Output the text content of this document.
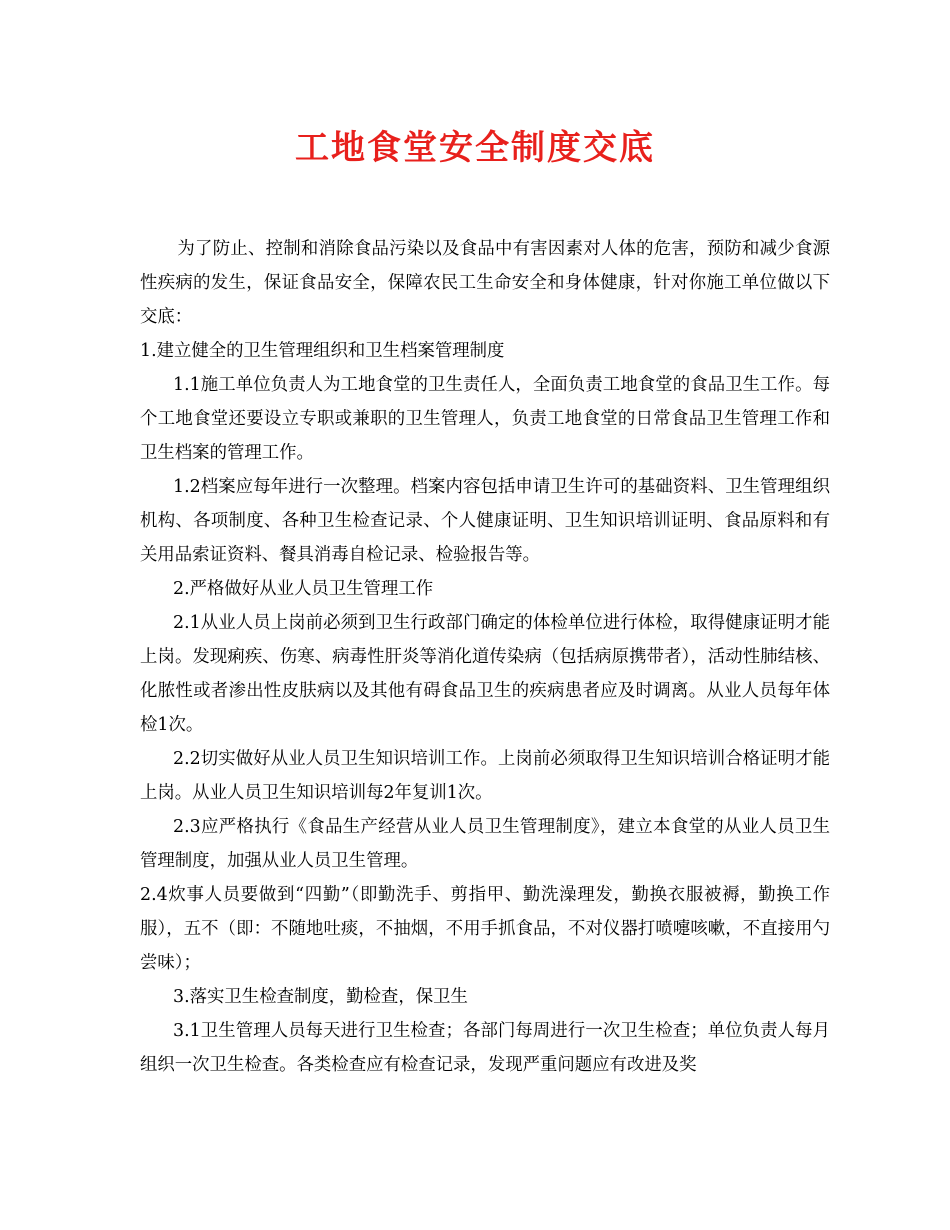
工地食堂安全制度交底

为了防止、控制和消除食品污染以及食品中有害因素对人体的危害，预防和减少食源性疾病的发生，保证食品安全，保障农民工生命安全和身体健康，针对你施工单位做以下交底：

1.建立健全的卫生管理组织和卫生档案管理制度

1.1施工单位负责人为工地食堂的卫生责任人，全面负责工地食堂的食品卫生工作。每个工地食堂还要设立专职或兼职的卫生管理人，负责工地食堂的日常食品卫生管理工作和卫生档案的管理工作。

1.2档案应每年进行一次整理。档案内容包括申请卫生许可的基础资料、卫生管理组织机构、各项制度、各种卫生检查记录、个人健康证明、卫生知识培训证明、食品原料和有关用品索证资料、餐具消毒自检记录、检验报告等。

2.严格做好从业人员卫生管理工作

2.1从业人员上岗前必须到卫生行政部门确定的体检单位进行体检，取得健康证明才能上岗。发现痢疾、伤寒、病毒性肝炎等消化道传染病（包括病原携带者），活动性肺结核、化脓性或者渗出性皮肤病以及其他有碍食品卫生的疾病患者应及时调离。从业人员每年体检1次。

2.2切实做好从业人员卫生知识培训工作。上岗前必须取得卫生知识培训合格证明才能上岗。从业人员卫生知识培训每2年复训1次。

2.3应严格执行《食品生产经营从业人员卫生管理制度》，建立本食堂的从业人员卫生管理制度，加强从业人员卫生管理。

2.4炊事人员要做到“四勤”（即勤洗手、剪指甲、勤洗澡理发，勤换衣服被褥，勤换工作服），五不（即：不随地吐痰，不抽烟，不用手抓食品，不对仪器打喷嚏咳嗽，不直接用勺尝味）；

3.落实卫生检查制度，勤检查，保卫生

3.1卫生管理人员每天进行卫生检查；各部门每周进行一次卫生检查；单位负责人每月组织一次卫生检查。各类检查应有检查记录，发现严重问题应有改进及奖
